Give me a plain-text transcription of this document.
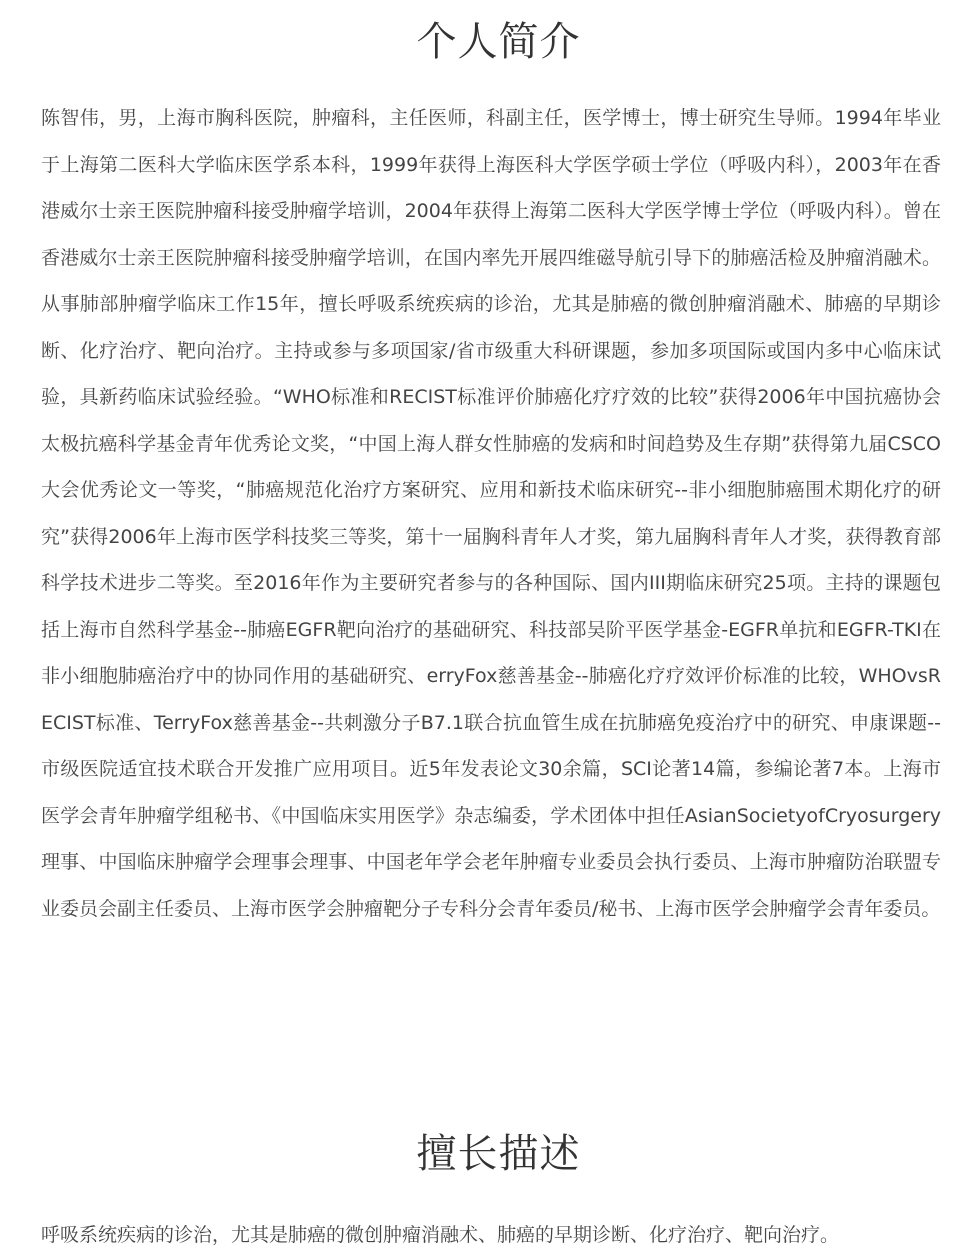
个人简介

陈智伟，男，上海市胸科医院，肿瘤科，主任医师，科副主任，医学博士，博士研究生导师。1994年毕业于上海第二医科大学临床医学系本科，1999年获得上海医科大学医学硕士学位（呼吸内科），2003年在香港威尔士亲王医院肿瘤科接受肿瘤学培训，2004年获得上海第二医科大学医学博士学位（呼吸内科）。曾在香港威尔士亲王医院肿瘤科接受肿瘤学培训，在国内率先开展四维磁导航引导下的肺癌活检及肿瘤消融术。从事肺部肿瘤学临床工作15年，擅长呼吸系统疾病的诊治，尤其是肺癌的微创肿瘤消融术、肺癌的早期诊断、化疗治疗、靶向治疗。主持或参与多项国家/省市级重大科研课题，参加多项国际或国内多中心临床试验，具新药临床试验经验。“WHO标准和RECIST标准评价肺癌化疗疗效的比较”获得2006年中国抗癌协会太极抗癌科学基金青年优秀论文奖，“中国上海人群女性肺癌的发病和时间趋势及生存期”获得第九届CSCO大会优秀论文一等奖，“肺癌规范化治疗方案研究、应用和新技术临床研究--非小细胞肺癌围术期化疗的研究”获得2006年上海市医学科技奖三等奖，第十一届胸科青年人才奖，第九届胸科青年人才奖，获得教育部科学技术进步二等奖。至2016年作为主要研究者参与的各种国际、国内III期临床研究25项。主持的课题包括上海市自然科学基金--肺癌EGFR靶向治疗的基础研究、科技部吴阶平医学基金-EGFR单抗和EGFR-TKI在非小细胞肺癌治疗中的协同作用的基础研究、erryFox慈善基金--肺癌化疗疗效评价标准的比较，WHOvsRECIST标准、TerryFox慈善基金--共刺激分子B7.1联合抗血管生成在抗肺癌免疫治疗中的研究、申康课题--市级医院适宜技术联合开发推广应用项目。近5年发表论文30余篇，SCI论著14篇，参编论著7本。上海市医学会青年肿瘤学组秘书、《中国临床实用医学》杂志编委，学术团体中担任AsianSocietyofCryosurgery理事、中国临床肿瘤学会理事会理事、中国老年学会老年肿瘤专业委员会执行委员、上海市肿瘤防治联盟专业委员会副主任委员、上海市医学会肿瘤靶分子专科分会青年委员/秘书、上海市医学会肿瘤学会青年委员。

擅长描述

呼吸系统疾病的诊治，尤其是肺癌的微创肿瘤消融术、肺癌的早期诊断、化疗治疗、靶向治疗。
